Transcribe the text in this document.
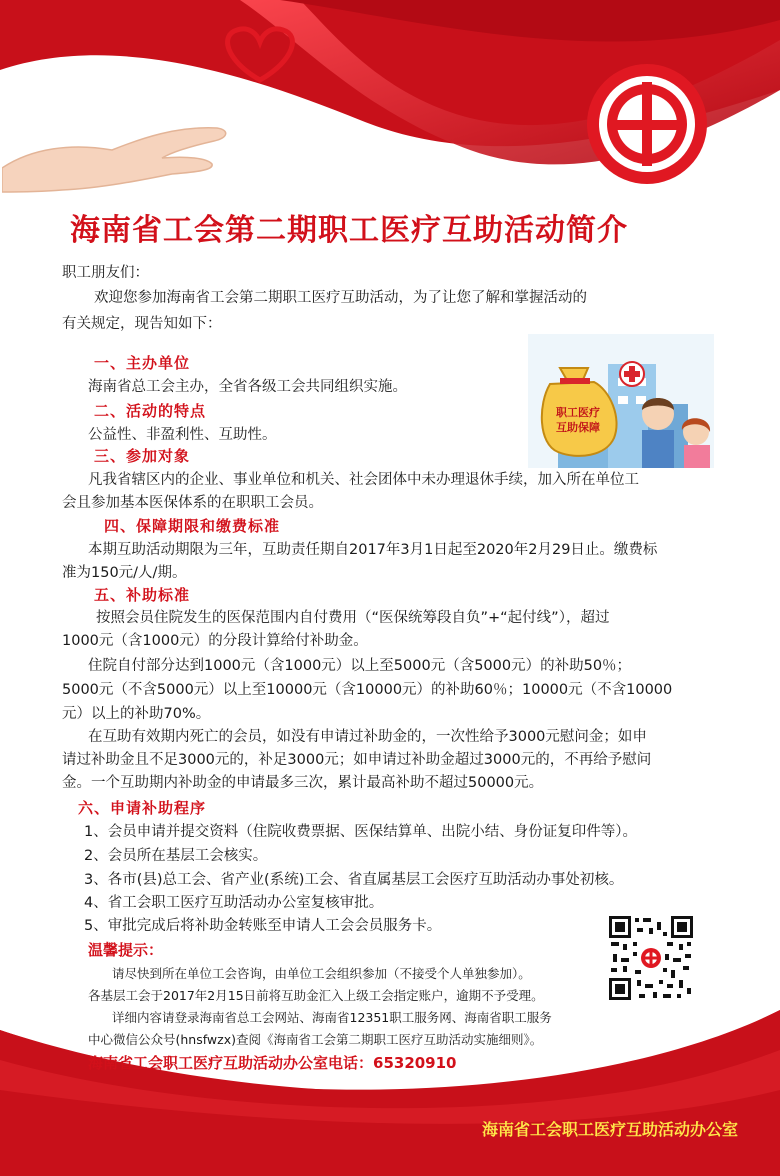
海南省工会第二期职工医疗互助活动简介
职工朋友们：
欢迎您参加海南省工会第二期职工医疗互助活动，为了让您了解和掌握活动的
有关规定，现告知如下：
职工医疗
互助保障
一、主办单位
海南省总工会主办，全省各级工会共同组织实施。
二、活动的特点
公益性、非盈利性、互助性。
三、参加对象
凡我省辖区内的企业、事业单位和机关、社会团体中未办理退休手续，加入所在单位工
会且参加基本医保体系的在职职工会员。
四、保障期限和缴费标准
本期互助活动期限为三年，互助责任期自2017年3月1日起至2020年2月29日止。缴费标
准为150元/人/期。
五、补助标准
按照会员住院发生的医保范围内自付费用（“医保统筹段自负”+“起付线”），超过
1000元（含1000元）的分段计算给付补助金。
住院自付部分达到1000元（含1000元）以上至5000元（含5000元）的补助50％；
5000元（不含5000元）以上至10000元（含10000元）的补助60％；10000元（不含10000
元）以上的补助70%。
在互助有效期内死亡的会员，如没有申请过补助金的，一次性给予3000元慰问金；如申
请过补助金且不足3000元的，补足3000元；如申请过补助金超过3000元的，不再给予慰问
金。一个互助期内补助金的申请最多三次，累计最高补助不超过50000元。
六、申请补助程序
1、会员申请并提交资料（住院收费票据、医保结算单、出院小结、身份证复印件等）。
2、会员所在基层工会核实。
3、各市(县)总工会、省产业(系统)工会、省直属基层工会医疗互助活动办事处初核。
4、省工会职工医疗互助活动办公室复核审批。
5、审批完成后将补助金转账至申请人工会会员服务卡。
温馨提示：
请尽快到所在单位工会咨询，由单位工会组织参加（不接受个人单独参加）。
各基层工会于2017年2月15日前将互助金汇入上级工会指定账户，逾期不予受理。
详细内容请登录海南省总工会网站、海南省12351职工服务网、海南省职工服务
中心微信公众号(hnsfwzx)查阅《海南省工会第二期职工医疗互助活动实施细则》。
海南省工会职工医疗互助活动办公室电话：65320910
海南省工会职工医疗互助活动办公室
